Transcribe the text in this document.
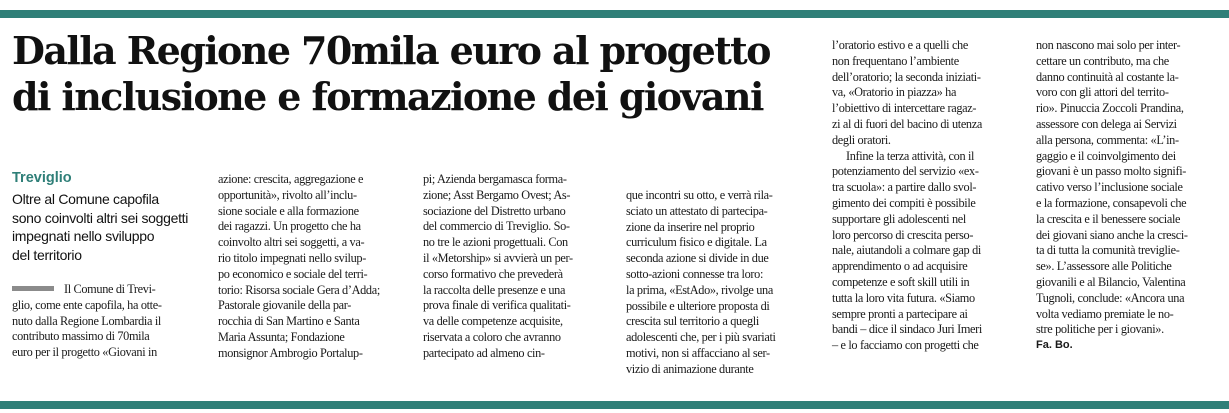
Dalla Regione 70mila euro al progetto
di inclusione e formazione dei giovani
Treviglio
Oltre al Comune capofila
sono coinvolti altri sei soggetti
impegnati nello sviluppo
del territorio
Il Comune di Trevi-
glio, come ente capofila, ha otte-
nuto dalla Regione Lombardia il
contributo massimo di 70mila
euro per il progetto «Giovani in
azione: crescita, aggregazione e
opportunità», rivolto all’inclu-
sione sociale e alla formazione
dei ragazzi. Un progetto che ha
coinvolto altri sei soggetti, a va-
rio titolo impegnati nello svilup-
po economico e sociale del terri-
torio: Risorsa sociale Gera d’Adda;
Pastorale giovanile della par-
rocchia di San Martino e Santa
Maria Assunta; Fondazione
monsignor Ambrogio Portalup-
pi; Azienda bergamasca forma-
zione; Asst Bergamo Ovest; As-
sociazione del Distretto urbano
del commercio di Treviglio. So-
no tre le azioni progettuali. Con
il «Metorship» si avvierà un per-
corso formativo che prevederà
la raccolta delle presenze e una
prova finale di verifica qualitati-
va delle competenze acquisite,
riservata a coloro che avranno
partecipato ad almeno cin-
que incontri su otto, e verrà rila-
sciato un attestato di partecipa-
zione da inserire nel proprio
curriculum fisico e digitale. La
seconda azione si divide in due
sotto-azioni connesse tra loro:
la prima, «EstAdo», rivolge una
possibile e ulteriore proposta di
crescita sul territorio a quegli
adolescenti che, per i più svariati
motivi, non si affacciano al ser-
vizio di animazione durante
l’oratorio estivo e a quelli che
non frequentano l’ambiente
dell’oratorio; la seconda iniziati-
va, «Oratorio in piazza» ha
l’obiettivo di intercettare ragaz-
zi al di fuori del bacino di utenza
degli oratori.
Infine la terza attività, con il
potenziamento del servizio «ex-
tra scuola»: a partire dallo svol-
gimento dei compiti è possibile
supportare gli adolescenti nel
loro percorso di crescita perso-
nale, aiutandoli a colmare gap di
apprendimento o ad acquisire
competenze e soft skill utili in
tutta la loro vita futura. «Siamo
sempre pronti a partecipare ai
bandi – dice il sindaco Juri Imeri
– e lo facciamo con progetti che
non nascono mai solo per inter-
cettare un contributo, ma che
danno continuità al costante la-
voro con gli attori del territo-
rio». Pinuccia Zoccoli Prandina,
assessore con delega ai Servizi
alla persona, commenta: «L’in-
gaggio e il coinvolgimento dei
giovani è un passo molto signifi-
cativo verso l’inclusione sociale
e la formazione, consapevoli che
la crescita e il benessere sociale
dei giovani siano anche la cresci-
ta di tutta la comunità treviglie-
se». L’assessore alle Politiche
giovanili e al Bilancio, Valentina
Tugnoli, conclude: «Ancora una
volta vediamo premiate le no-
stre politiche per i giovani».
Fa. Bo.
